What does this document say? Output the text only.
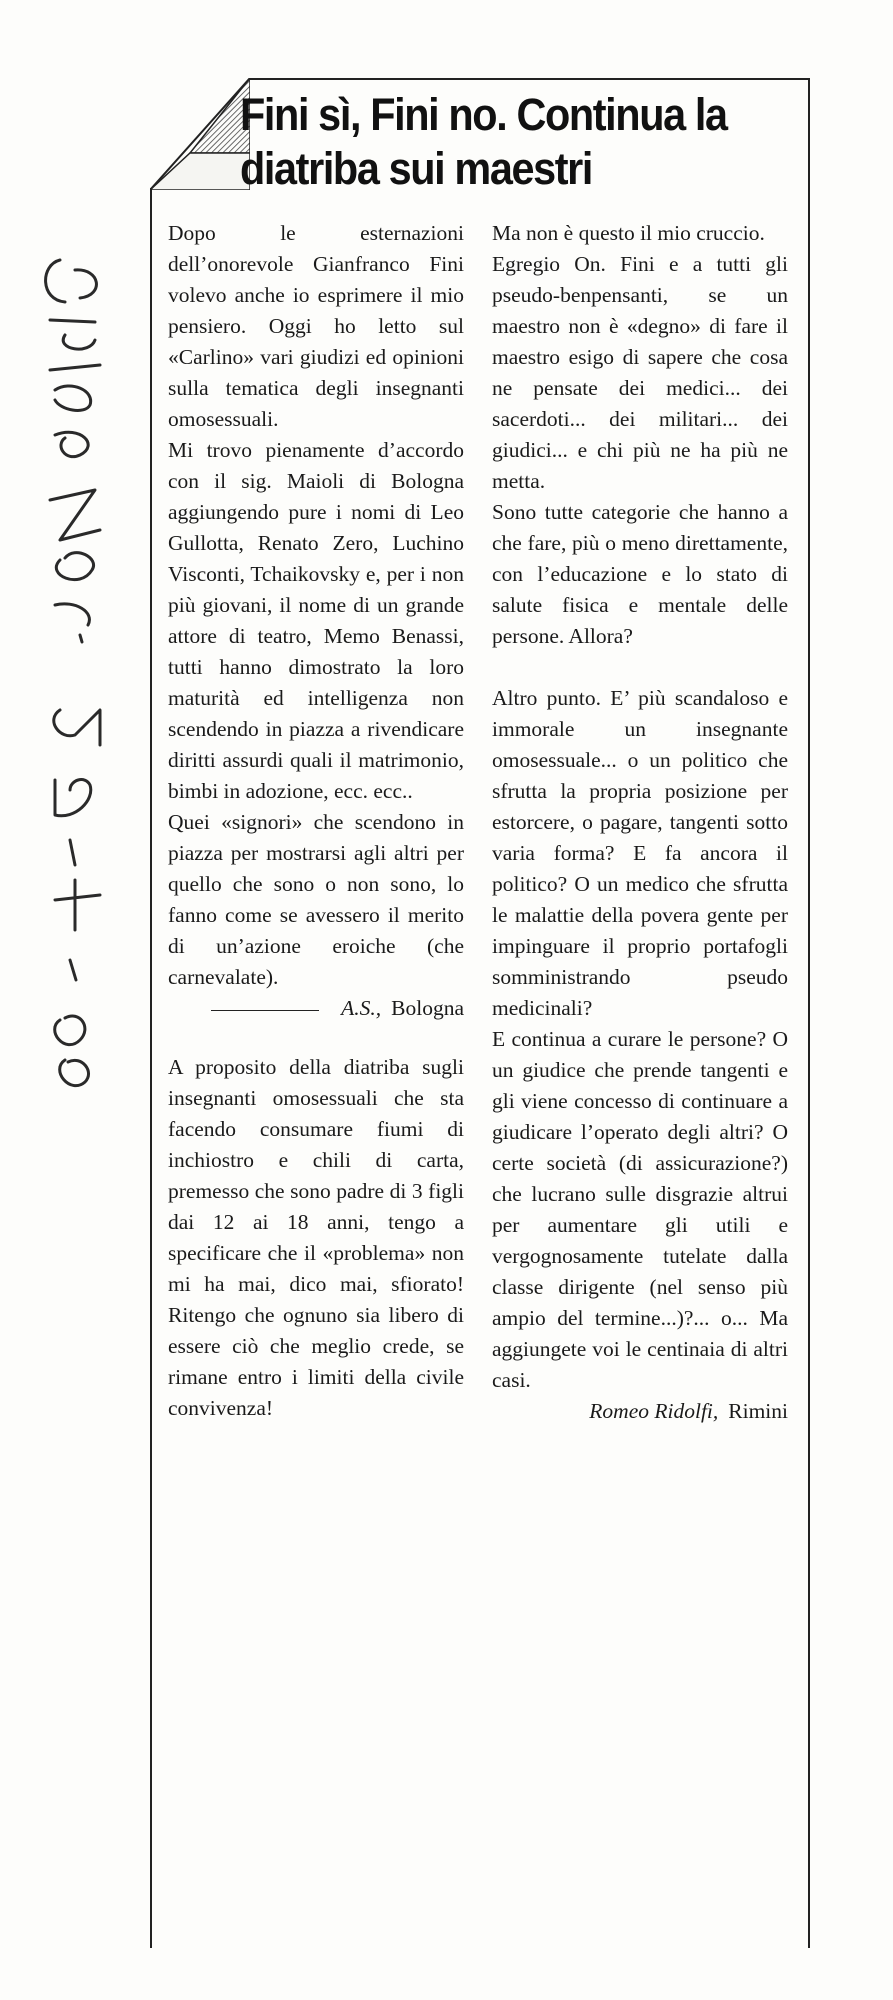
Fini sì, Fini no. Continua la diatriba sui maestri

Dopo le esternazioni dell’onorevole Gianfranco Fini volevo anche io esprimere il mio pensiero. Oggi ho letto sul «Carlino» vari giudizi ed opinioni sulla tematica degli insegnanti omosessuali.

Mi trovo pienamente d’accordo con il sig. Maioli di Bologna aggiungendo pure i nomi di Leo Gullotta, Renato Zero, Luchino Visconti, Tchaikovsky e, per i non più giovani, il nome di un grande attore di teatro, Memo Benassi, tutti hanno dimostrato la loro maturità ed intelligenza non scendendo in piazza a rivendicare diritti assurdi quali il matrimonio, bimbi in adozione, ecc. ecc..

Quei «signori» che scendono in piazza per mostrarsi agli altri per quello che sono o non sono, lo fanno come se avessero il merito di un’azione eroiche (che carnevalate).

A.S., Bologna

A proposito della diatriba sugli insegnanti omosessuali che sta facendo consumare fiumi di inchiostro e chili di carta, premesso che sono padre di 3 figli dai 12 ai 18 anni, tengo a specificare che il «problema» non mi ha mai, dico mai, sfiorato! Ritengo che ognuno sia libero di essere ciò che meglio crede, se rimane entro i limiti della civile convivenza!

Ma non è questo il mio cruccio.

Egregio On. Fini e a tutti gli pseudo-benpensanti, se un maestro non è «degno» di fare il maestro esigo di sapere che cosa ne pensate dei medici... dei sacerdoti... dei militari... dei giudici... e chi più ne ha più ne metta.

Sono tutte categorie che hanno a che fare, più o meno direttamente, con l’educazione e lo stato di salute fisica e mentale delle persone. Allora?

Altro punto. E’ più scandaloso e immorale un insegnante omosessuale... o un politico che sfrutta la propria posizione per estorcere, o pagare, tangenti sotto varia forma? E fa ancora il politico? O un medico che sfrutta le malattie della povera gente per impinguare il proprio portafogli somministrando pseudo medicinali?

E continua a curare le persone? O un giudice che prende tangenti e gli viene concesso di continuare a giudicare l’operato degli altri? O certe società (di assicurazione?) che lucrano sulle disgrazie altrui per aumentare gli utili e vergognosamente tutelate dalla classe dirigente (nel senso più ampio del termine...)?... o... Ma aggiungete voi le centinaia di altri casi.

Romeo Ridolfi, Rimini
